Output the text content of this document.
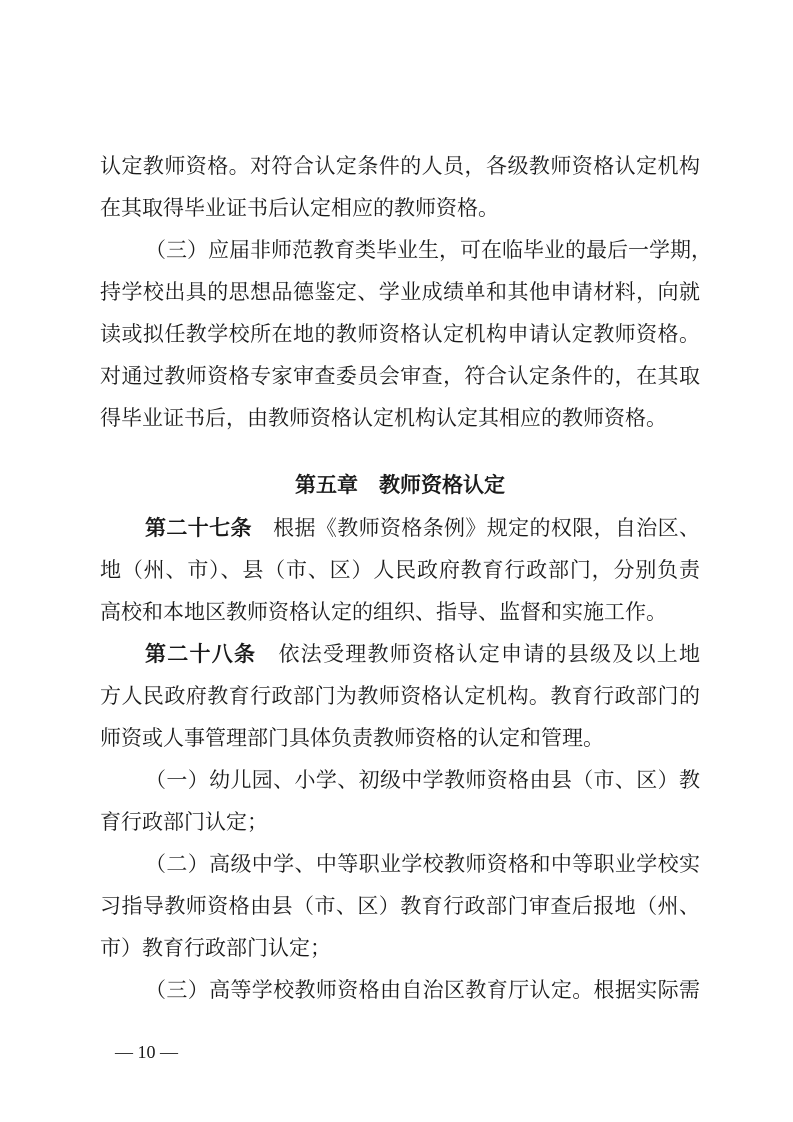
认定教师资格。对符合认定条件的人员，各级教师资格认定机构
在其取得毕业证书后认定相应的教师资格。
（三）应届非师范教育类毕业生，可在临毕业的最后一学期，
持学校出具的思想品德鉴定、学业成绩单和其他申请材料，向就
读或拟任教学校所在地的教师资格认定机构申请认定教师资格。
对通过教师资格专家审查委员会审查，符合认定条件的，在其取
得毕业证书后，由教师资格认定机构认定其相应的教师资格。
第五章　教师资格认定
第二十七条　根据《教师资格条例》规定的权限，自治区、
地（州、市）、县（市、区）人民政府教育行政部门，分别负责
高校和本地区教师资格认定的组织、指导、监督和实施工作。
第二十八条　依法受理教师资格认定申请的县级及以上地
方人民政府教育行政部门为教师资格认定机构。教育行政部门的
师资或人事管理部门具体负责教师资格的认定和管理。
（一）幼儿园、小学、初级中学教师资格由县（市、区）教
育行政部门认定；
（二）高级中学、中等职业学校教师资格和中等职业学校实
习指导教师资格由县（市、区）教育行政部门审查后报地（州、
市）教育行政部门认定；
（三）高等学校教师资格由自治区教育厅认定。根据实际需
— 10 —
